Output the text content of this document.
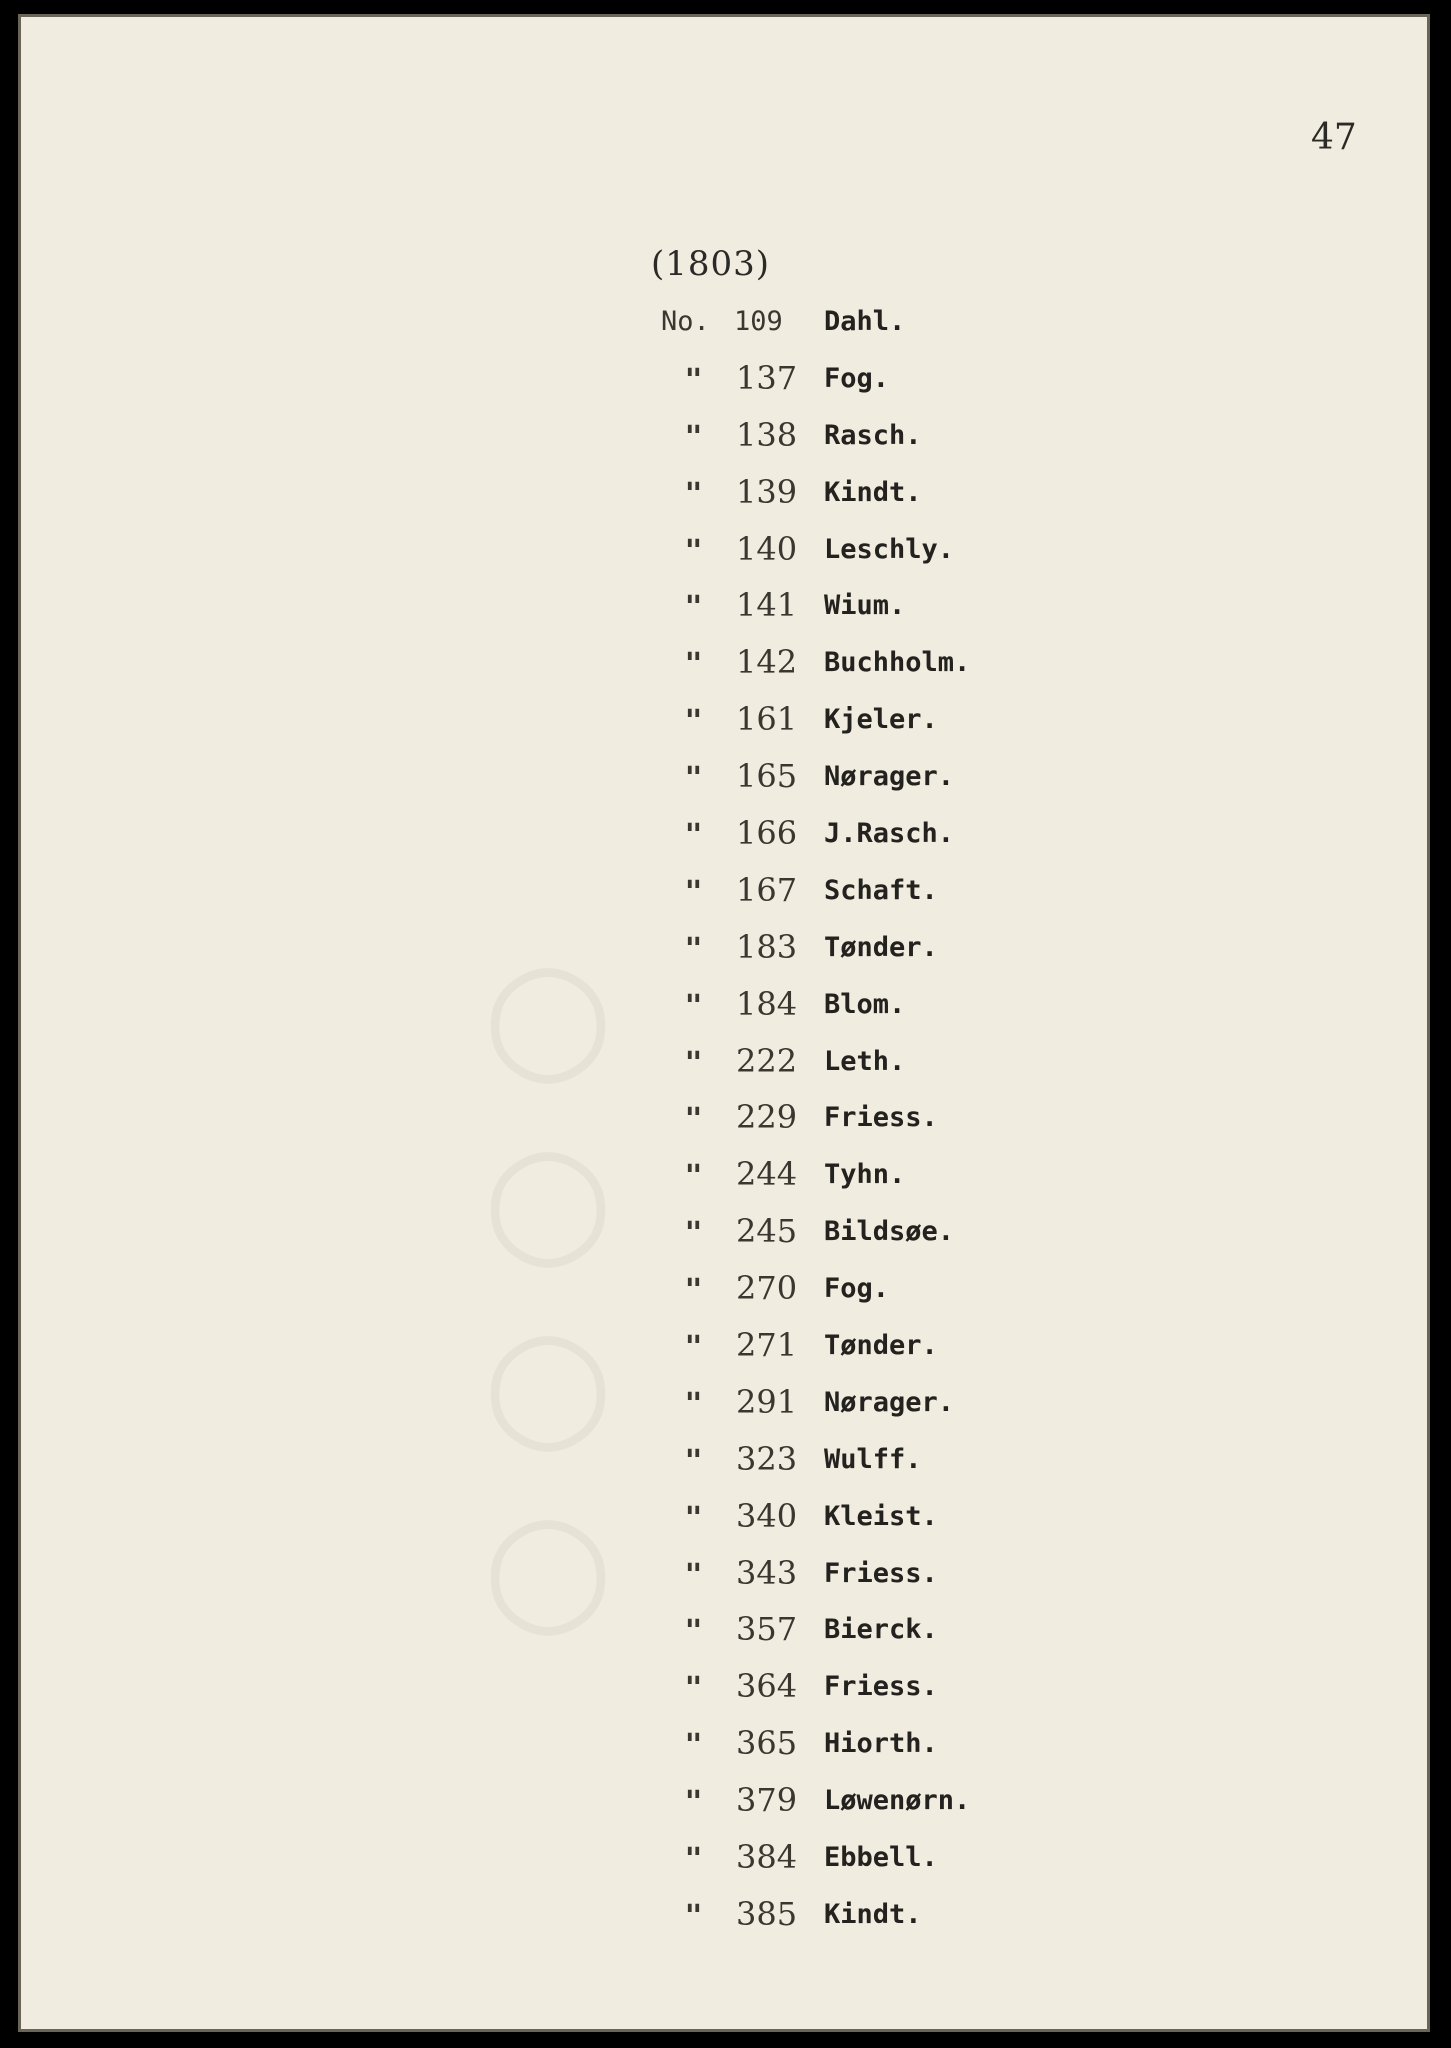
○○○○
47
(1803)
No. 109 Dahl.
"	137 Fog.
"	138 Rasch.
"	139 Kindt.
"	140 Leschly.
"	141 Wium.
"	142 Buchholm.
"	161 Kjeler.
"	165 Nørager.
"	166 J.Rasch.
"	167 Schaft.
"	183 Tønder.
"	184 Blom.
"	222 Leth.
"	229 Friess.
"	244 Tyhn.
"	245 Bildsøe.
"	270 Fog.
"	271 Tønder.
"	291 Nørager.
"	323 Wulff.
"	340 Kleist.
"	343 Friess.
"	357 Bierck.
"	364 Friess.
"	365 Hiorth.
"	379 Løwenørn.
"	384 Ebbell.
"	385 Kindt.
